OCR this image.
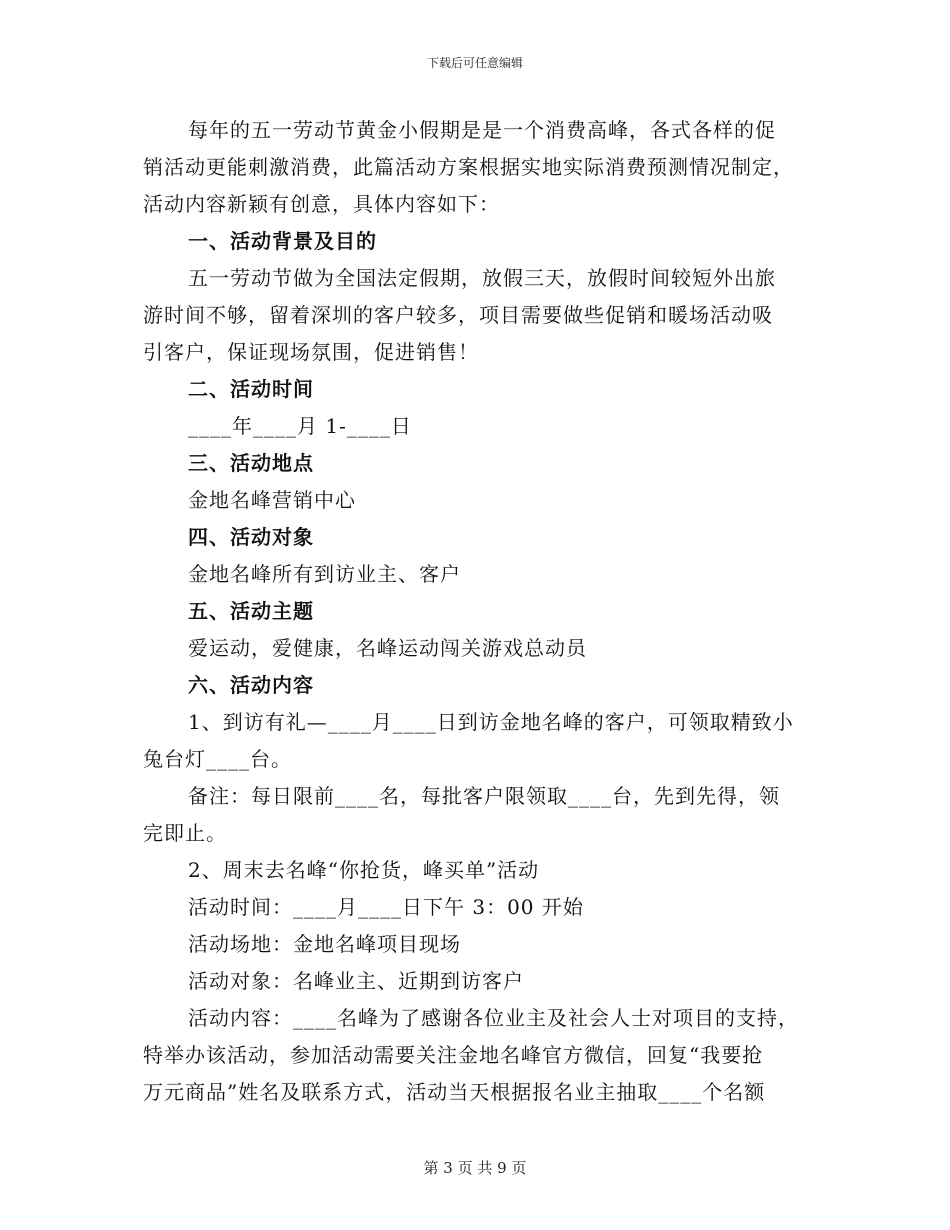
下载后可任意编辑
每年的五一劳动节黄金小假期是是一个消费高峰，各式各样的促
销活动更能刺激消费，此篇活动方案根据实地实际消费预测情况制定，
活动内容新颖有创意，具体内容如下：
一、活动背景及目的
五一劳动节做为全国法定假期，放假三天，放假时间较短外出旅
游时间不够，留着深圳的客户较多，项目需要做些促销和暖场活动吸
引客户，保证现场氛围，促进销售！
二、活动时间
____年____月 1-____日
三、活动地点
金地名峰营销中心
四、活动对象
金地名峰所有到访业主、客户
五、活动主题
爱运动，爱健康，名峰运动闯关游戏总动员
六、活动内容
1、到访有礼—____月____日到访金地名峰的客户，可领取精致小
兔台灯____台。
备注：每日限前____名，每批客户限领取____台，先到先得，领
完即止。
2、周末去名峰“你抢货，峰买单”活动
活动时间：____月____日下午 3：00 开始
活动场地：金地名峰项目现场
活动对象：名峰业主、近期到访客户
活动内容：____名峰为了感谢各位业主及社会人士对项目的支持，
特举办该活动，参加活动需要关注金地名峰官方微信，回复“我要抢
万元商品”姓名及联系方式，活动当天根据报名业主抽取____个名额
第 3 页 共 9 页
